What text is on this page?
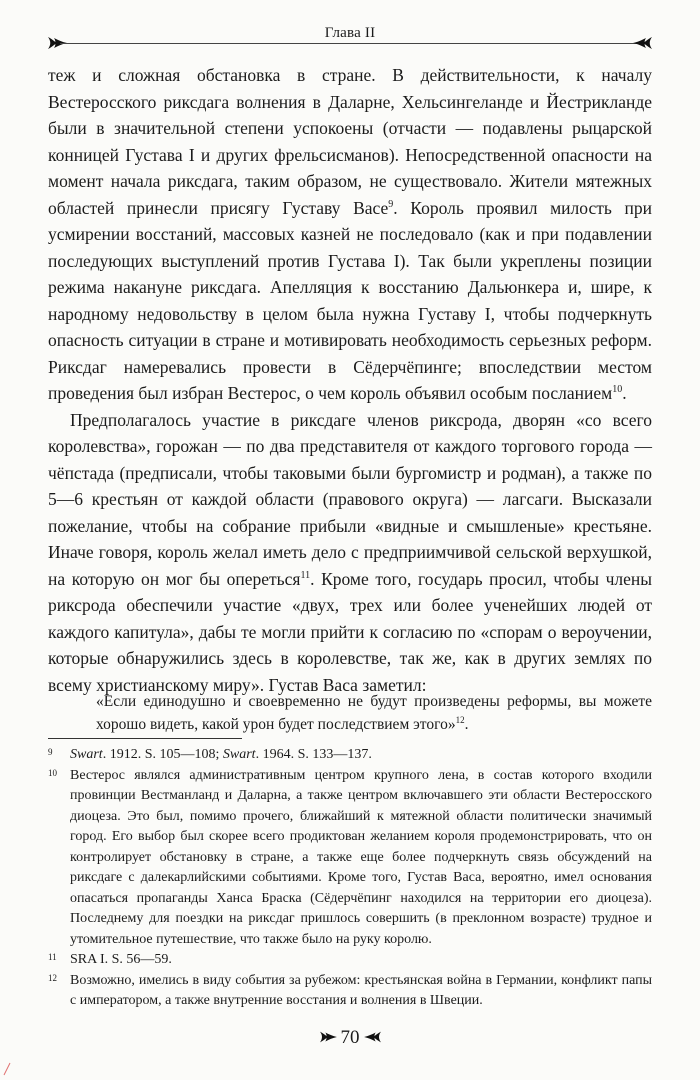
Глава II

теж и сложная обстановка в стране. В действительности, к началу Вестеросского риксдага волнения в Даларне, Хельсингеланде и Йестрикланде были в значительной степени успокоены (отчасти — подавлены рыцарской конницей Густава I и других фрельсисманов). Непосредственной опасности на момент начала риксдага, таким образом, не существовало. Жители мятежных областей принесли присягу Густаву Васе$^9$. Король проявил милость при усмирении восстаний, массовых казней не последовало (как и при подавлении последующих выступлений против Густава I). Так были укреплены позиции режима накануне риксдага. Апелляция к восстанию Дальюнкера и, шире, к народному недовольству в целом была нужна Густаву I, чтобы подчеркнуть опасность ситуации в стране и мотивировать необходимость серьезных реформ. Риксдаг намеревались провести в Сёдерчёпинге; впоследствии местом проведения был избран Вестерос, о чем король объявил особым посланием$^{10}$.

Предполагалось участие в риксдаге членов риксрода, дворян «со всего королевства», горожан — по два представителя от каждого торгового города — чёпстада (предписали, чтобы таковыми были бургомистр и родман), а также по 5—6 крестьян от каждой области (правового округа) — лагсаги. Высказали пожелание, чтобы на собрание прибыли «видные и смышленые» крестьяне. Иначе говоря, король желал иметь дело с предприимчивой сельской верхушкой, на которую он мог бы опереться$^{11}$. Кроме того, государь просил, чтобы члены риксрода обеспечили участие «двух, трех или более ученейших людей от каждого капитула», дабы те могли прийти к согласию по «спорам о вероучении, которые обнаружились здесь в королевстве, так же, как в других землях по всему христианскому миру». Густав Васа заметил:

«Если единодушно и своевременно не будут произведены реформы, вы можете хорошо видеть, какой урон будет последствием этого»$^{12}$.
9 Swart. 1912. S. 105—108; Swart. 1964. S. 133—137.
10 Вестерос являлся административным центром крупного лена, в состав которого входили провинции Вестманланд и Даларна, а также центром включавшего эти области Вестеросского диоцеза. Это был, помимо прочего, ближайший к мятежной области политически значимый город. Его выбор был скорее всего продиктован желанием короля продемонстрировать, что он контролирует обстановку в стране, а также еще более подчеркнуть связь обсуждений на риксдаге с далекарлийскими событиями. Кроме того, Густав Васа, вероятно, имел основания опасаться пропаганды Ханса Браска (Сёдерчёпинг находился на территории его диоцеза). Последнему для поездки на риксдаг пришлось совершить (в преклонном возрасте) трудное и утомительное путешествие, что также было на руку королю.
11 SRA I. S. 56—59.
12 Возможно, имелись в виду события за рубежом: крестьянская война в Германии, конфликт папы с императором, а также внутренние восстания и волнения в Швеции.
70
